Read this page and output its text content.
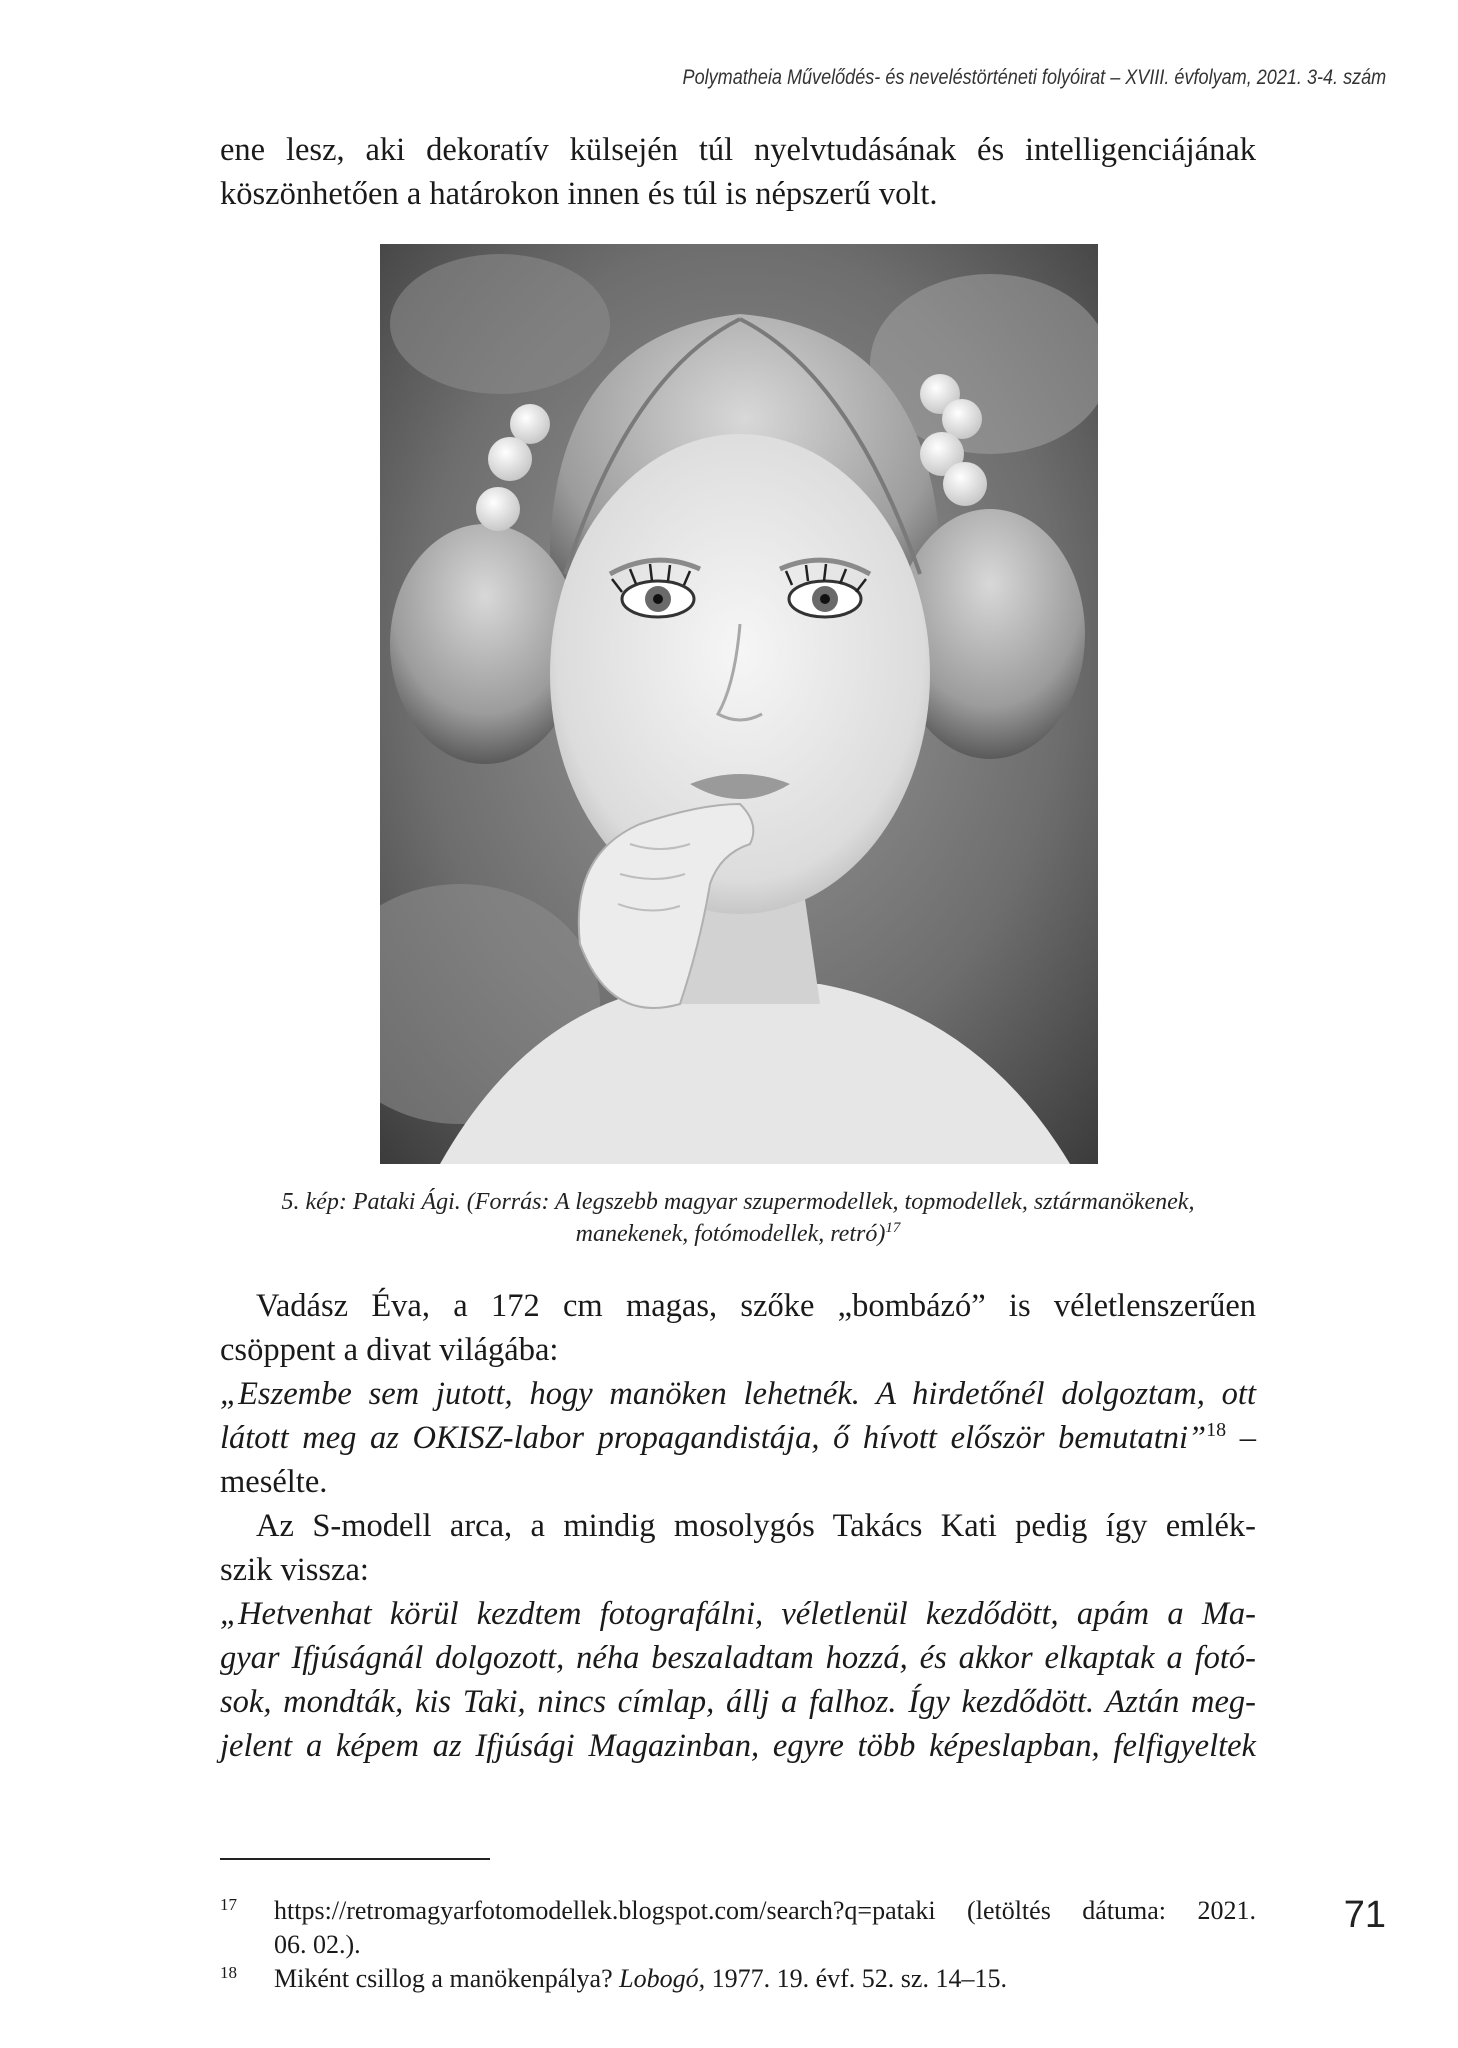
Polymatheia Művelődés- és neveléstörténeti folyóirat – XVIII. évfolyam, 2021. 3-4. szám

ene lesz, aki dekoratív külsején túl nyelvtudásának és intelligenciájának

köszönhetően a határokon innen és túl is népszerű volt.

5. kép: Pataki Ági. (Forrás: A legszebb magyar szupermodellek, topmodellek, sztármanökenek,
manekenek, fotómodellek, retró)$^{17}$

Vadász Éva, a 172 cm magas, szőke „bombázó” is véletlenszerűen

csöppent a divat világába:

„Eszembe sem jutott, hogy manöken lehetnék. A hirdetőnél dolgoztam, ott

látott meg az OKISZ-labor propagandistája, ő hívott először bemutatni”$^{18}$ –

mesélte.

Az S-modell arca, a mindig mosolygós Takács Kati pedig így emlék-

szik vissza:

„Hetvenhat körül kezdtem fotografálni, véletlenül kezdődött, apám a Ma-

gyar Ifjúságnál dolgozott, néha beszaladtam hozzá, és akkor elkaptak a fotó-

sok, mondták, kis Taki, nincs címlap, állj a falhoz. Így kezdődött. Aztán meg-

jelent a képem az Ifjúsági Magazinban, egyre több képeslapban, felfigyeltek

17 https://retromagyarfotomodellek.blogspot.com/search?q=pataki (letöltés dátuma: 2021.
06. 02.).
18 Miként csillog a manökenpálya? Lobogó, 1977. 19. évf. 52. sz. 14–15.
71
